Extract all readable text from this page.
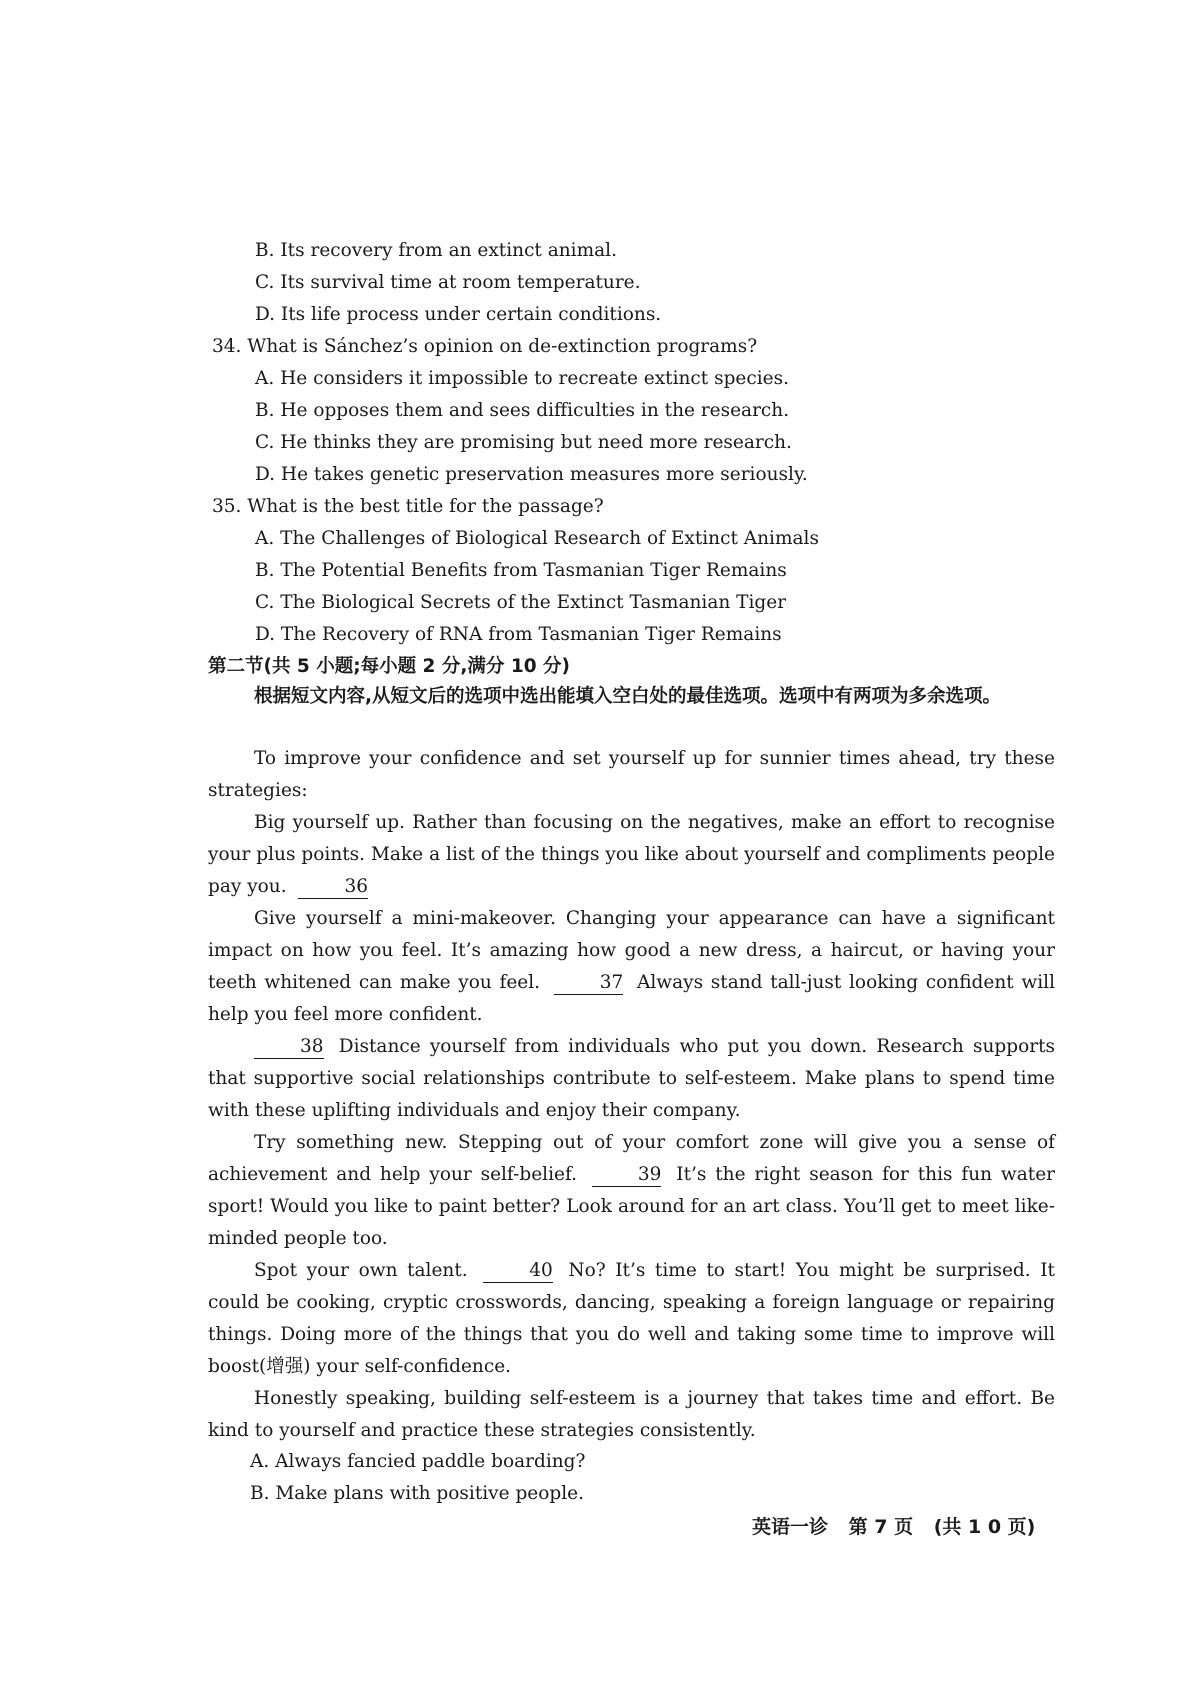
B. Its recovery from an extinct animal.
C. Its survival time at room temperature.
D. Its life process under certain conditions.
34. What is Sánchez’s opinion on de-extinction programs?
A. He considers it impossible to recreate extinct species.
B. He opposes them and sees difficulties in the research.
C. He thinks they are promising but need more research.
D. He takes genetic preservation measures more seriously.
35. What is the best title for the passage?
A. The Challenges of Biological Research of Extinct Animals
B. The Potential Benefits from Tasmanian Tiger Remains
C. The Biological Secrets of the Extinct Tasmanian Tiger
D. The Recovery of RNA from Tasmanian Tiger Remains
第二节(共 5 小题;每小题 2 分,满分 10 分)
根据短文内容,从短文后的选项中选出能填入空白处的最佳选项。选项中有两项为多余选项。
To improve your confidence and set yourself up for sunnier times ahead, try these strategies:
Big yourself up. Rather than focusing on the negatives, make an effort to recognise your plus points. Make a list of the things you like about yourself and compliments people pay you.	36
Give yourself a mini-makeover. Changing your appearance can have a significant impact on how you feel. It’s amazing how good a new dress, a haircut, or having your teeth whitened can make you feel.	37 Always stand tall-just looking confident will help you feel more confident.
38 Distance yourself from individuals who put you down. Research supports that supportive social relationships contribute to self-esteem. Make plans to spend time with these uplifting individuals and enjoy their company.
Try something new. Stepping out of your comfort zone will give you a sense of achievement and help your self-belief.	39 It’s the right season for this fun water sport! Would you like to paint better? Look around for an art class. You’ll get to meet like-minded people too.
Spot your own talent.	40 No? It’s time to start! You might be surprised. It could be cooking, cryptic crosswords, dancing, speaking a foreign language or repairing things. Doing more of the things that you do well and taking some time to improve will boost(增强) your self-confidence.
Honestly speaking, building self-esteem is a journey that takes time and effort. Be kind to yourself and practice these strategies consistently.
A. Always fancied paddle boarding?
B. Make plans with positive people.
英语一诊 第 7 页 (共 1 0 页)
